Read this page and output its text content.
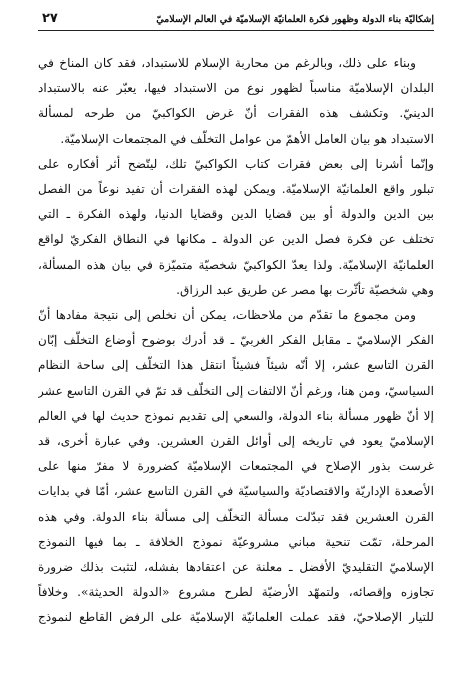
إشكاليّة بناء الدولة وظهور فكرة العلمانيّة الإسلاميّة في العالم الإسلاميّ
٢٧
وبناء على ذلك، وبالرغم من محاربة الإسلام للاستبداد، فقد كان المناخ في
البلدان الإسلاميّة مناسباً لظهور نوع من الاستبداد فيها، يعبّر عنه بالاستبداد
الدينيّ. وتكشف هذه الفقرات أنّ غرض الكواكبيّ من طرحه لمسألة
الاستبداد هو بيان العامل الأهمّ من عوامل التخلّف في المجتمعات الإسلاميّة.
وإنّما أشرنا إلى بعض فقرات كتاب الكواكبيّ تلك، ليتّضح أثر أفكاره على
تبلور واقع العلمانيّة الإسلاميّة. ويمكن لهذه الفقرات أن تفيد نوعاً من الفصل
بين الدين والدولة أو بين قضايا الدين وقضايا الدنيا، ولهذه الفكرة ـ التي
تختلف عن فكرة فصل الدين عن الدولة ـ مكانها في النطاق الفكريّ لواقع
العلمانيّة الإسلاميّة. ولذا يعدّ الكواكبيّ شخصيّة متميّزة في بيان هذه المسألة،
وهي شخصيّة تأثّرت بها مصر عن طريق عبد الرزاق.
ومن مجموع ما تقدّم من ملاحظات، يمكن أن نخلص إلى نتيجة مفادها أنّ
الفكر الإسلاميّ ـ مقابل الفكر الغربيّ ـ قد أدرك بوضوح أوضاع التخلّف إبّان
القرن التاسع عشر، إلا أنّه شيئاً فشيئاً انتقل هذا التخلّف إلى ساحة النظام
السياسيّ، ومن هنا، ورغم أنّ الالتفات إلى التخلّف قد تمّ في القرن التاسع عشر
إلا أنّ ظهور مسألة بناء الدولة، والسعي إلى تقديم نموذج حديث لها في العالم
الإسلاميّ يعود في تاريخه إلى أوائل القرن العشرين. وفي عبارة أخرى، قد
غرست بذور الإصلاح في المجتمعات الإسلاميّة كضرورة لا مفرّ منها على
الأصعدة الإداريّة والاقتصاديّة والسياسيّة في القرن التاسع عشر، أمّا في بدايات
القرن العشرين فقد تبدّلت مسألة التخلّف إلى مسألة بناء الدولة. وفي هذه
المرحلة، تمّت تنحية مباني مشروعيّة نموذج الخلافة ـ بما فيها النموذج
الإسلاميّ التقليديّ الأفضل ـ معلنة عن اعتقادها بفشله، لتثبت بذلك ضرورة
تجاوزه وإقصائه، ولتمهّد الأرضيّة لطرح مشروع «الدولة الحديثة». وخلافاً
للتيار الإصلاحيّ، فقد عملت العلمانيّة الإسلاميّة على الرفض القاطع لنموذج
